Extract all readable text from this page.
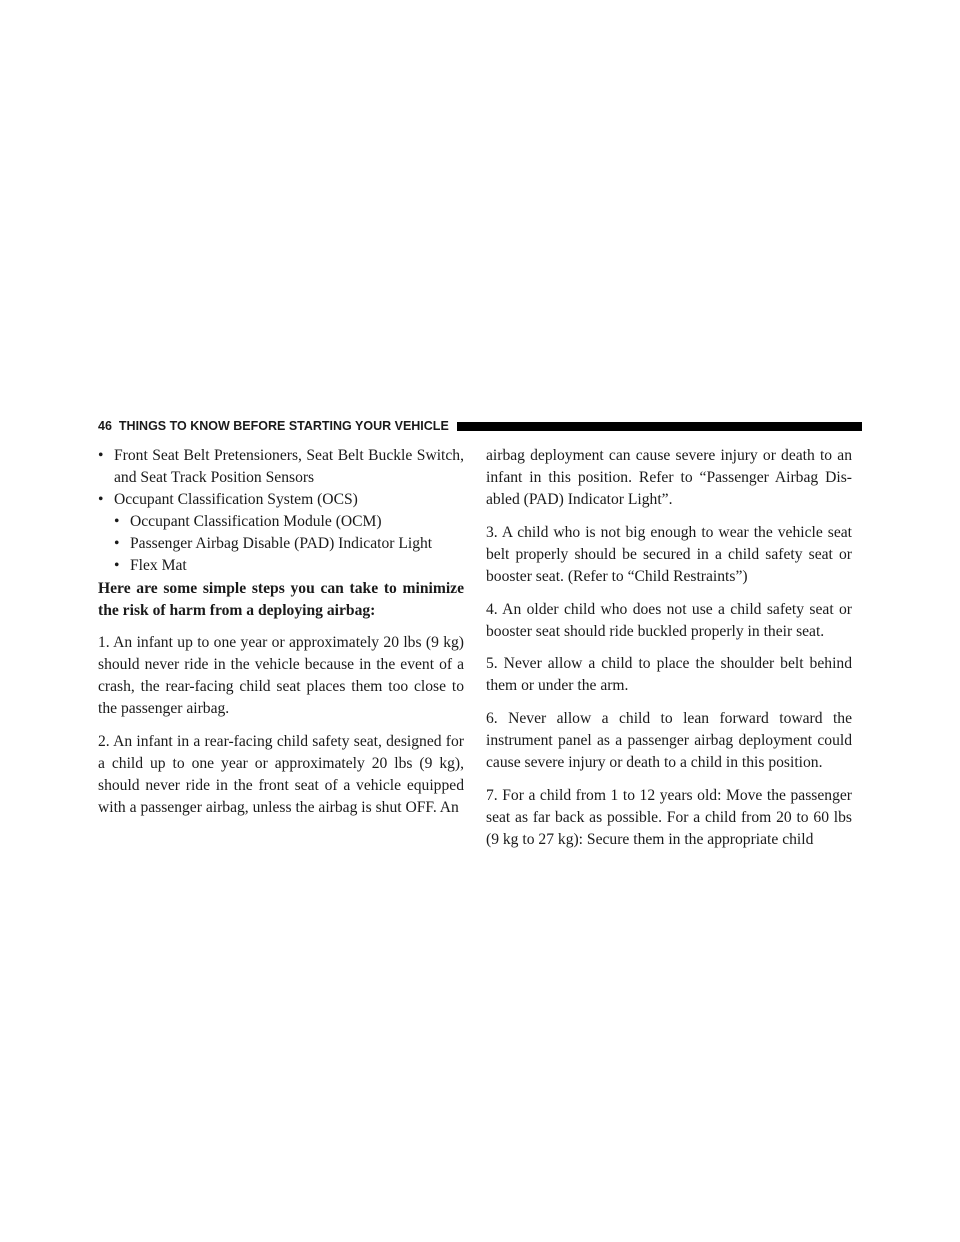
46 THINGS TO KNOW BEFORE STARTING YOUR VEHICLE

• Front Seat Belt Pretensioners, Seat Belt Buckle Switch, and Seat Track Position Sensors

• Occupant Classification System (OCS)

• Occupant Classification Module (OCM)

• Passenger Airbag Disable (PAD) Indicator Light

• Flex Mat

Here are some simple steps you can take to minimize the risk of harm from a deploying airbag:

1. An infant up to one year or approximately 20 lbs (9 kg) should never ride in the vehicle because in the event of a crash, the rear-facing child seat places them too close to the passenger airbag.

2. An infant in a rear-facing child safety seat, designed for a child up to one year or approximately 20 lbs (9 kg), should never ride in the front seat of a vehicle equipped with a passenger airbag, unless the airbag is shut OFF. An

airbag deployment can cause severe injury or death to an infant in this position. Refer to “Passenger Airbag Dis-abled (PAD) Indicator Light”.

3. A child who is not big enough to wear the vehicle seat belt properly should be secured in a child safety seat or booster seat. (Refer to “Child Restraints”)

4. An older child who does not use a child safety seat or booster seat should ride buckled properly in their seat.

5. Never allow a child to place the shoulder belt behind them or under the arm.

6. Never allow a child to lean forward toward the instrument panel as a passenger airbag deployment could cause severe injury or death to a child in this position.

7. For a child from 1 to 12 years old: Move the passenger seat as far back as possible. For a child from 20 to 60 lbs (9 kg to 27 kg): Secure them in the appropriate child
